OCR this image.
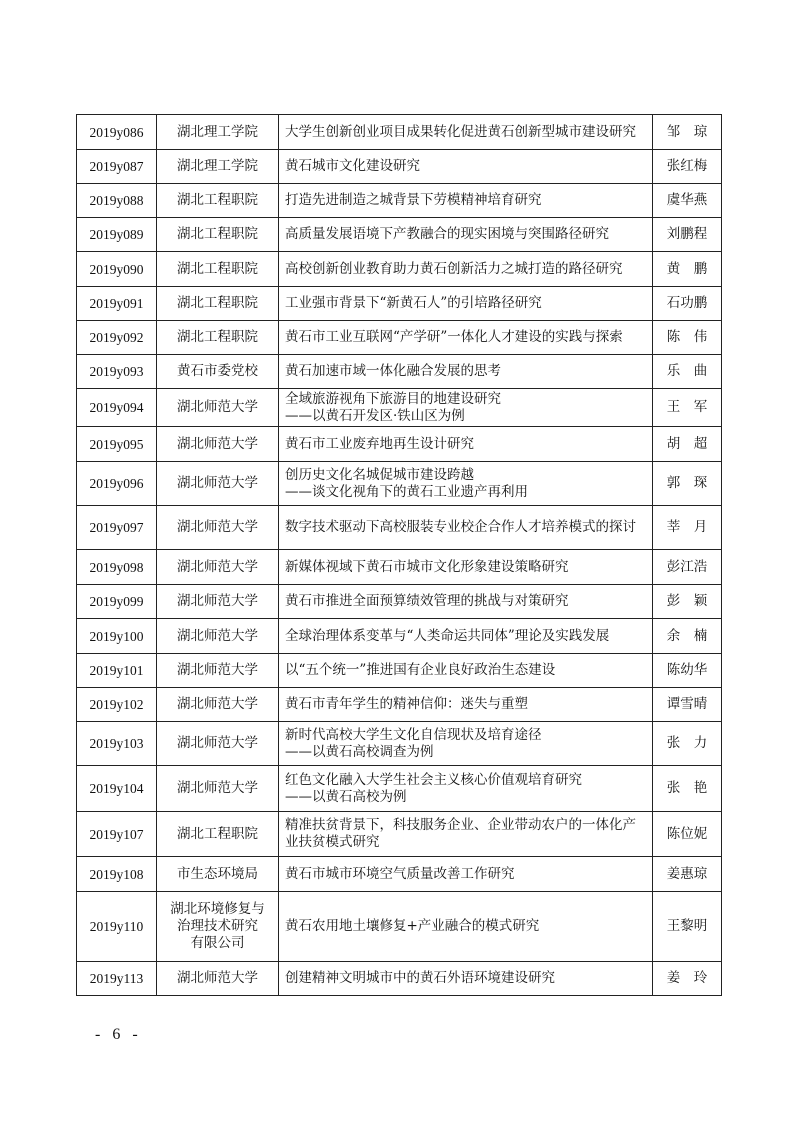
2019y086	湖北理工学院	大学生创新创业项目成果转化促进黄石创新型城市建设研究	邹　琼
2019y087	湖北理工学院	黄石城市文化建设研究	张红梅
2019y088	湖北工程职院	打造先进制造之城背景下劳模精神培育研究	虞华燕
2019y089	湖北工程职院	高质量发展语境下产教融合的现实困境与突围路径研究	刘鹏程
2019y090	湖北工程职院	高校创新创业教育助力黄石创新活力之城打造的路径研究	黄　鹏
2019y091	湖北工程职院	工业强市背景下“新黄石人”的引培路径研究	石功鹏
2019y092	湖北工程职院	黄石市工业互联网“产学研”一体化人才建设的实践与探索	陈　伟
2019y093	黄石市委党校	黄石加速市域一体化融合发展的思考	乐　曲
2019y094	湖北师范大学	全域旅游视角下旅游目的地建设研究
——以黄石开发区·铁山区为例	王　军
2019y095	湖北师范大学	黄石市工业废弃地再生设计研究	胡　超
2019y096	湖北师范大学	创历史文化名城促城市建设跨越
——谈文化视角下的黄石工业遗产再利用	郭　琛
2019y097	湖北师范大学	数字技术驱动下高校服装专业校企合作人才培养模式的探讨	莘　月
2019y098	湖北师范大学	新媒体视域下黄石市城市文化形象建设策略研究	彭江浩
2019y099	湖北师范大学	黄石市推进全面预算绩效管理的挑战与对策研究	彭　颖
2019y100	湖北师范大学	全球治理体系变革与“人类命运共同体”理论及实践发展	余　楠
2019y101	湖北师范大学	以“五个统一”推进国有企业良好政治生态建设	陈幼华
2019y102	湖北师范大学	黄石市青年学生的精神信仰：迷失与重塑	谭雪晴
2019y103	湖北师范大学	新时代高校大学生文化自信现状及培育途径
——以黄石高校调查为例	张　力
2019y104	湖北师范大学	红色文化融入大学生社会主义核心价值观培育研究
——以黄石高校为例	张　艳
2019y107	湖北工程职院	精准扶贫背景下，科技服务企业、企业带动农户的一体化产业扶贫模式研究	陈位妮
2019y108	市生态环境局	黄石市城市环境空气质量改善工作研究	姜惠琼
2019y110	湖北环境修复与
治理技术研究
有限公司	黄石农用地土壤修复+产业融合的模式研究	王黎明
2019y113	湖北师范大学	创建精神文明城市中的黄石外语环境建设研究	姜　玲
- 6 -
